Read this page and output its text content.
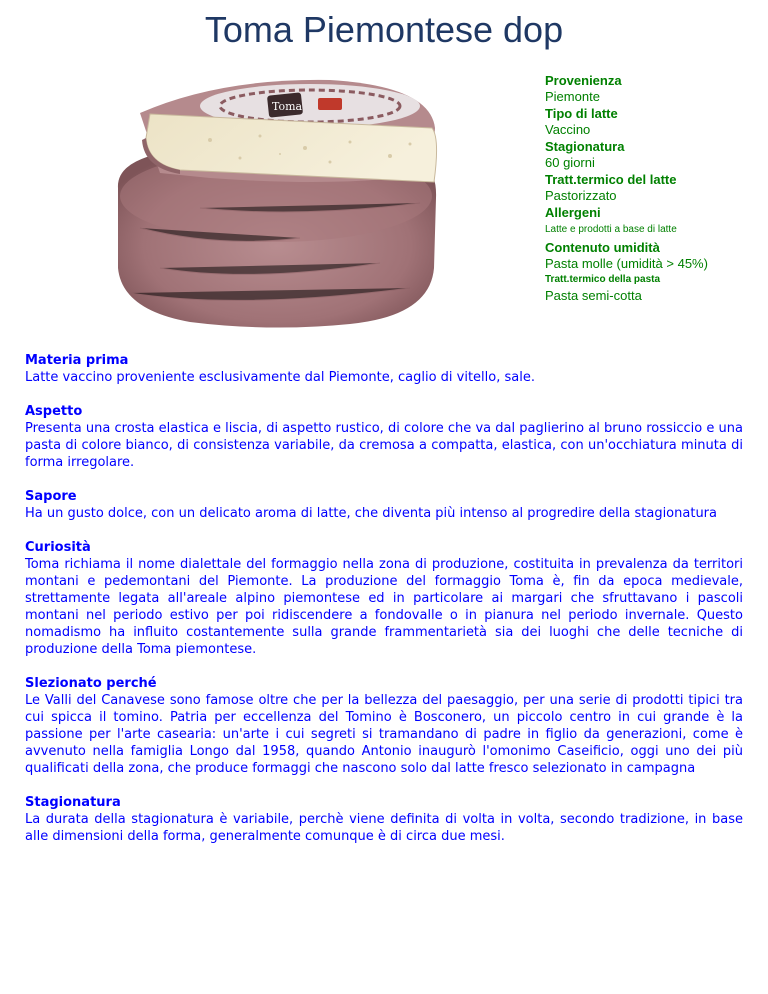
Toma Piemontese dop
Toma
Provenienza
Piemonte
Tipo di latte
Vaccino
Stagionatura
60 giorni
Tratt.termico del latte
Pastorizzato
Allergeni
Latte e prodotti a base di latte
Contenuto umidità
Pasta molle (umidità > 45%)
Tratt.termico della pasta
Pasta semi-cotta
Materia prima

Latte vaccino proveniente esclusivamente dal Piemonte, caglio di vitello, sale.

Aspetto

Presenta una crosta elastica e liscia, di aspetto rustico, di colore che va dal paglierino al bruno rossiccio e una pasta di colore bianco, di consistenza variabile, da cremosa a compatta, elastica, con un'occhiatura minuta di forma irregolare.

Sapore

Ha un gusto dolce, con un delicato aroma di latte, che diventa più intenso al progredire della stagionatura

Curiosità

Toma richiama il nome dialettale del formaggio nella zona di produzione, costituita in prevalenza da territori montani e pedemontani del Piemonte. La produzione del formaggio Toma è, fin da epoca medievale, strettamente legata all'areale alpino piemontese ed in particolare ai margari che sfruttavano i pascoli montani nel periodo estivo per poi ridiscendere a fondovalle o in pianura nel periodo invernale. Questo nomadismo ha influito costantemente sulla grande frammentarietà sia dei luoghi che delle tecniche di produzione della Toma piemontese.

Slezionato perché

Le Valli del Canavese sono famose oltre che per la bellezza del paesaggio, per una serie di prodotti tipici tra cui spicca il tomino. Patria per eccellenza del Tomino è Bosconero, un piccolo centro in cui grande è la passione per l'arte casearia: un'arte i cui segreti si tramandano di padre in figlio da generazioni, come è avvenuto nella famiglia Longo dal 1958, quando Antonio inaugurò l'omonimo Caseificio, oggi uno dei più qualificati della zona, che produce formaggi che nascono solo dal latte fresco selezionato in campagna

Stagionatura

La durata della stagionatura è variabile, perchè viene definita di volta in volta, secondo tradizione, in base alle dimensioni della forma, generalmente comunque è di circa due mesi.
